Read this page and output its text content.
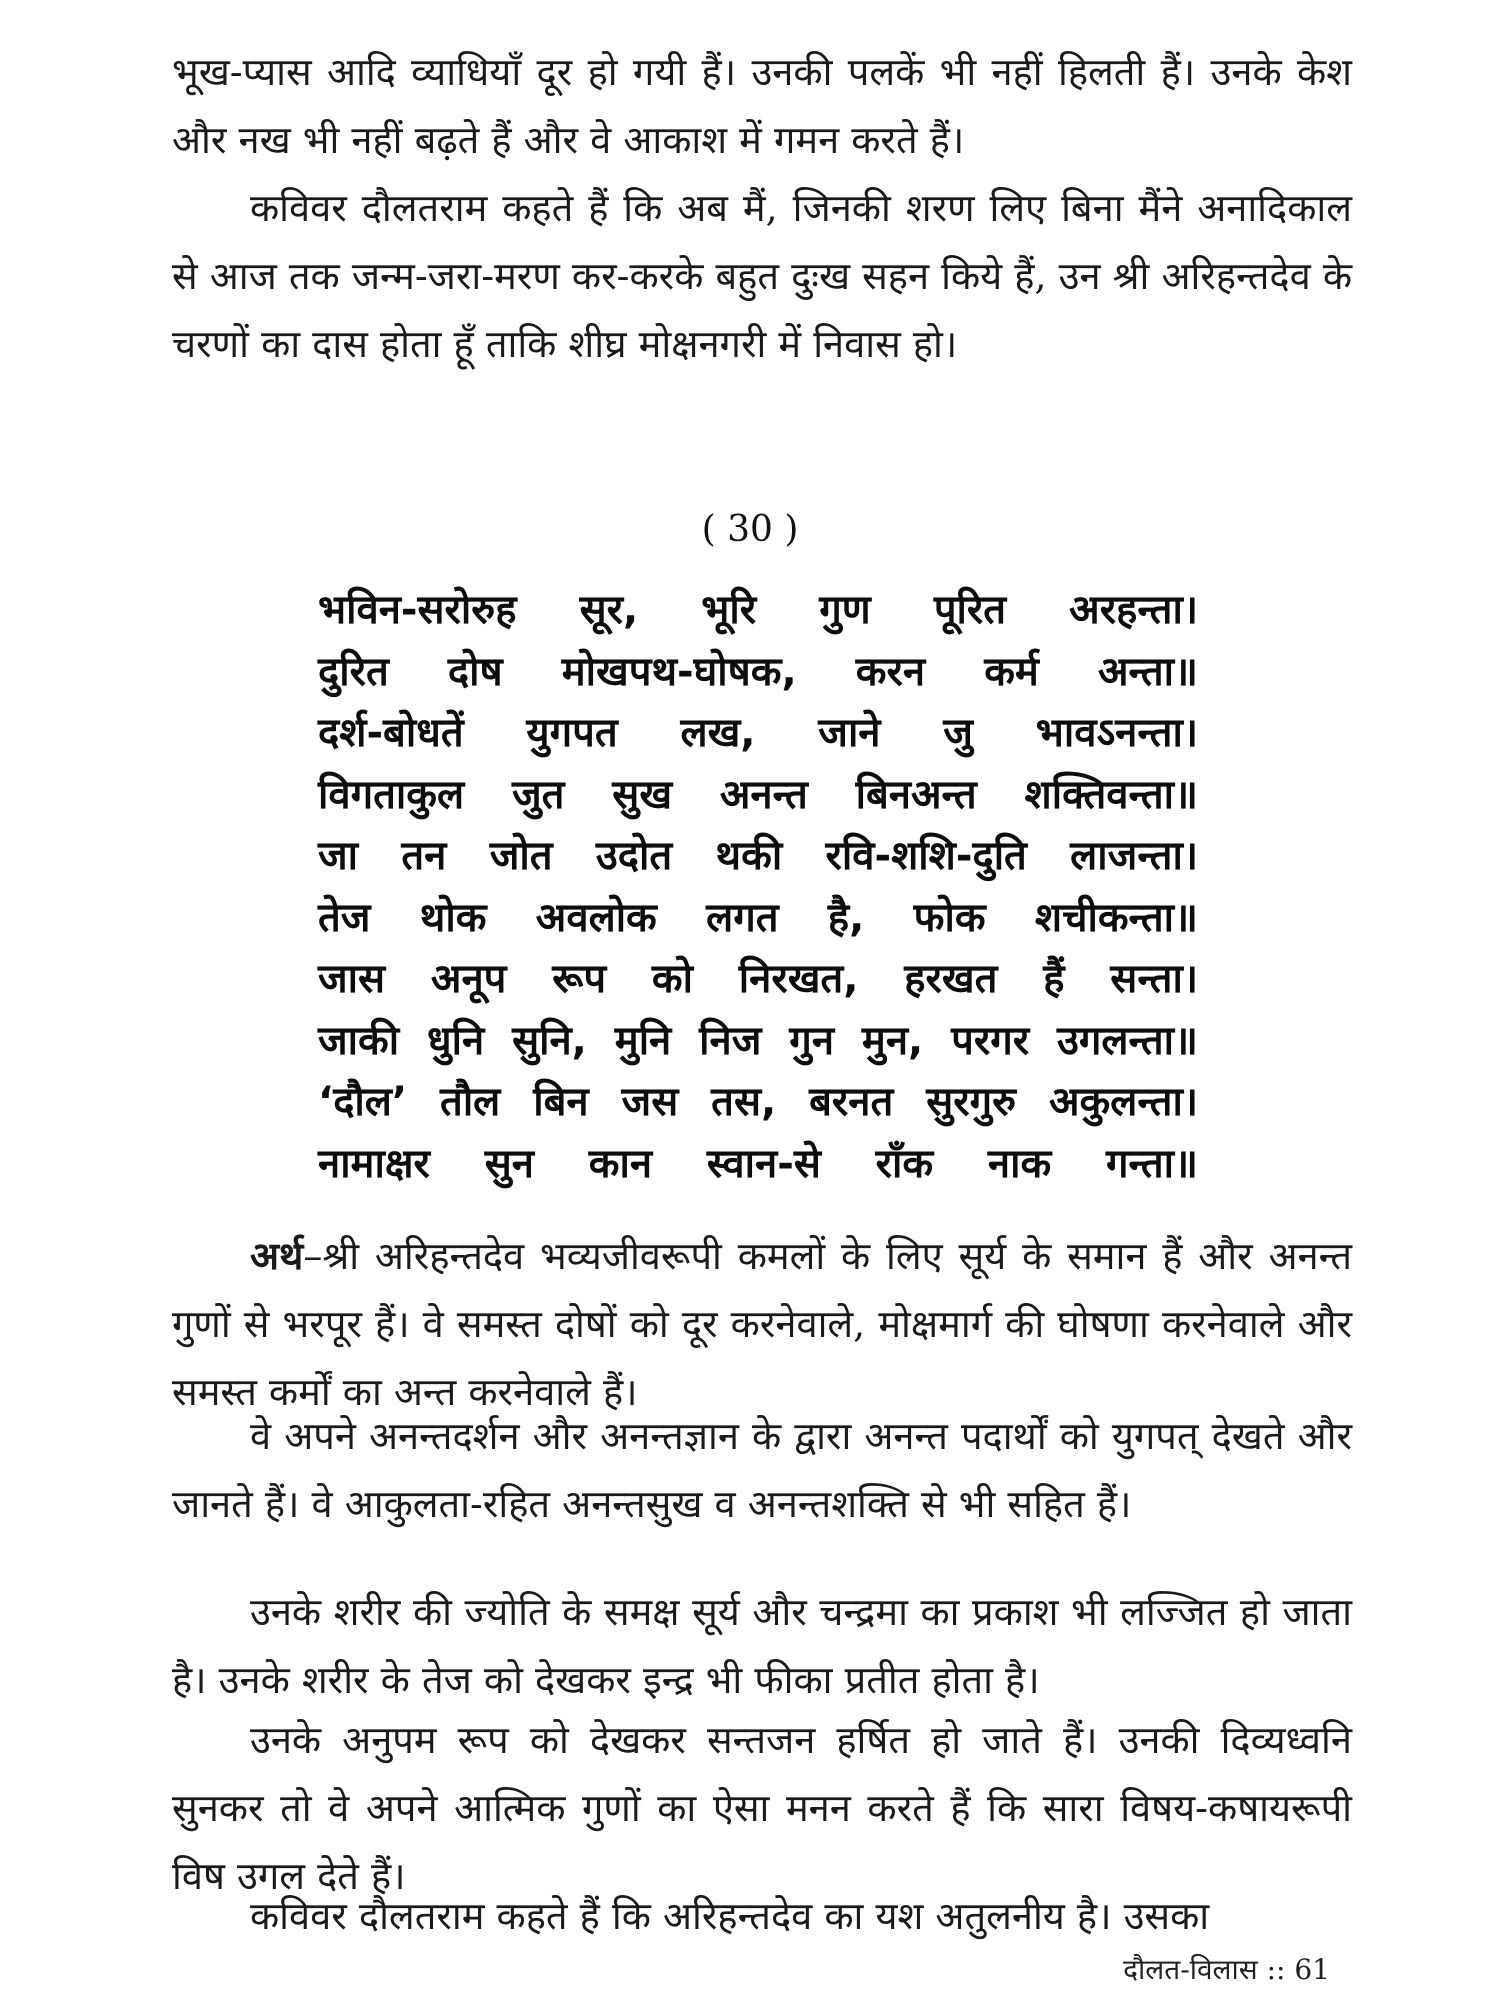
भूख-प्यास आदि व्याधियाँ दूर हो गयी हैं। उनकी पलकें भी नहीं हिलती हैं। उनके केश और नख भी नहीं बढ़ते हैं और वे आकाश में गमन करते हैं।

कविवर दौलतराम कहते हैं कि अब मैं, जिनकी शरण लिए बिना मैंने अनादिकाल से आज तक जन्म-जरा-मरण कर-करके बहुत दुःख सहन किये हैं, उन श्री अरिहन्तदेव के चरणों का दास होता हूँ ताकि शीघ्र मोक्षनगरी में निवास हो।

( 30 )

भविन-सरोरुह सूर, भूरि गुण पूरित अरहन्ता।
दुरित दोष मोखपथ-घोषक, करन कर्म अन्ता॥
दर्श-बोधतें युगपत लख, जाने जु भावऽनन्ता।
विगताकुल जुत सुख अनन्त बिनअन्त शक्तिवन्ता॥
जा तन जोत उदोत थकी रवि-शशि-दुति लाजन्ता।
तेज थोक अवलोक लगत है, फोक शचीकन्ता॥
जास अनूप रूप को निरखत, हरखत हैं सन्ता।
जाकी धुनि सुनि, मुनि निज गुन मुन, परगर उगलन्ता॥
‘दौल’ तौल बिन जस तस, बरनत सुरगुरु अकुलन्ता।
नामाक्षर सुन कान स्वान-से राँक नाक गन्ता॥

अर्थ–श्री अरिहन्तदेव भव्यजीवरूपी कमलों के लिए सूर्य के समान हैं और अनन्त गुणों से भरपूर हैं। वे समस्त दोषों को दूर करनेवाले, मोक्षमार्ग की घोषणा करनेवाले और समस्त कर्मों का अन्त करनेवाले हैं।

वे अपने अनन्तदर्शन और अनन्तज्ञान के द्वारा अनन्त पदार्थों को युगपत् देखते और जानते हैं। वे आकुलता-रहित अनन्तसुख व अनन्तशक्ति से भी सहित हैं।

उनके शरीर की ज्योति के समक्ष सूर्य और चन्द्रमा का प्रकाश भी लज्जित हो जाता है। उनके शरीर के तेज को देखकर इन्द्र भी फीका प्रतीत होता है।

उनके अनुपम रूप को देखकर सन्तजन हर्षित हो जाते हैं। उनकी दिव्यध्वनि सुनकर तो वे अपने आत्मिक गुणों का ऐसा मनन करते हैं कि सारा विषय-कषायरूपी विष उगल देते हैं।

कविवर दौलतराम कहते हैं कि अरिहन्तदेव का यश अतुलनीय है। उसका

दौलत-विलास :: 61
